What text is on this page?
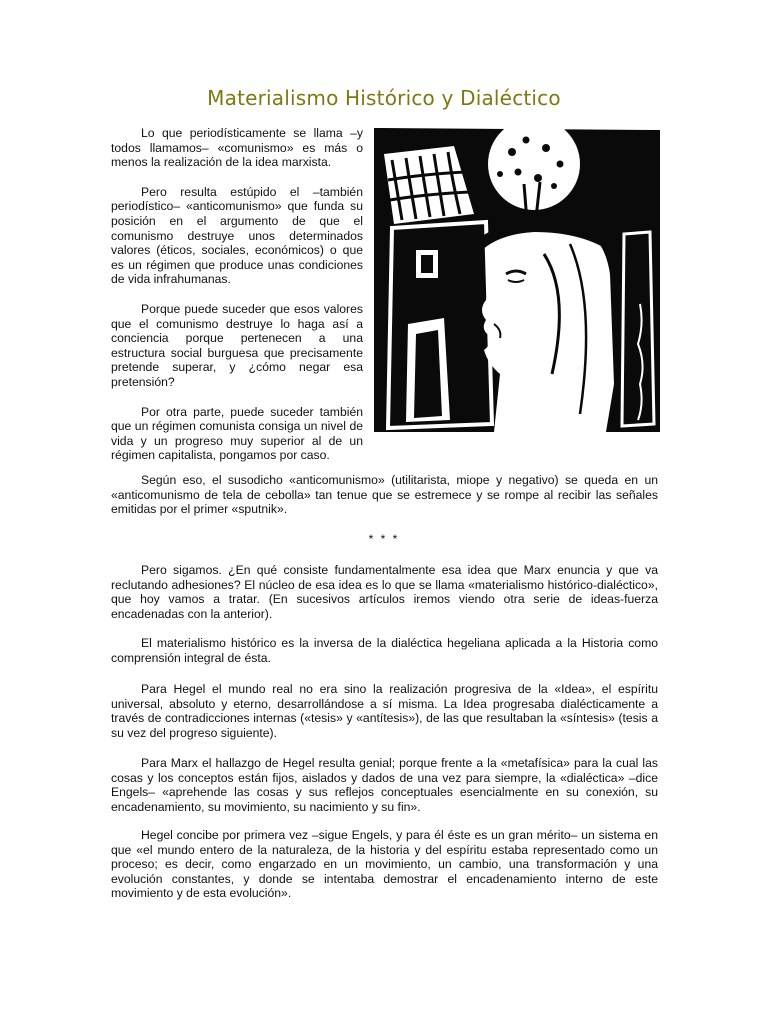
Materialismo Histórico y Dialéctico

Lo que periodísticamente se llama –y todos llamamos– «comunismo» es más o menos la realización de la idea marxista.

Pero resulta estúpido el –también periodístico– «anticomunismo» que funda su posición en el argumento de que el comunismo destruye unos determinados valores (éticos, sociales, económicos) o que es un régimen que produce unas condiciones de vida infrahumanas.

Porque puede suceder que esos valores que el comunismo destruye lo haga así a conciencia porque pertenecen a una estructura social burguesa que precisamente pretende superar, y ¿cómo negar esa pretensión?

Por otra parte, puede suceder también que un régimen comunista consiga un nivel de vida y un progreso muy superior al de un régimen capitalista, pongamos por caso.

Según eso, el susodicho «anticomunismo» (utilitarista, miope y negativo) se queda en un «anticomunismo de tela de cebolla» tan tenue que se estremece y se rompe al recibir las señales emitidas por el primer «sputnik».

* * *

Pero sigamos. ¿En qué consiste fundamentalmente esa idea que Marx enuncia y que va reclutando adhesiones? El núcleo de esa idea es lo que se llama «materialismo histórico-dialéctico», que hoy vamos a tratar. (En sucesivos artículos iremos viendo otra serie de ideas-fuerza encadenadas con la anterior).

El materialismo histórico es la inversa de la dialéctica hegeliana aplicada a la Historia como comprensión integral de ésta.

Para Hegel el mundo real no era sino la realización progresiva de la «Idea», el espíritu universal, absoluto y eterno, desarrollándose a sí misma. La Idea progresaba dialécticamente a través de contradicciones internas («tesis» y «antítesis»), de las que resultaban la «síntesis» (tesis a su vez del progreso siguiente).

Para Marx el hallazgo de Hegel resulta genial; porque frente a la «metafísica» para la cual las cosas y los conceptos están fijos, aislados y dados de una vez para siempre, la «dialéctica» –dice Engels– «aprehende las cosas y sus reflejos conceptuales esencialmente en su conexión, su encadenamiento, su movimiento, su nacimiento y su fin».

Hegel concibe por primera vez –sigue Engels, y para él éste es un gran mérito– un sistema en que «el mundo entero de la naturaleza, de la historia y del espíritu estaba representado como un proceso; es decir, como engarzado en un movimiento, un cambio, una transformación y una evolución constantes, y donde se intentaba demostrar el encadenamiento interno de este movimiento y de esta evolución».
